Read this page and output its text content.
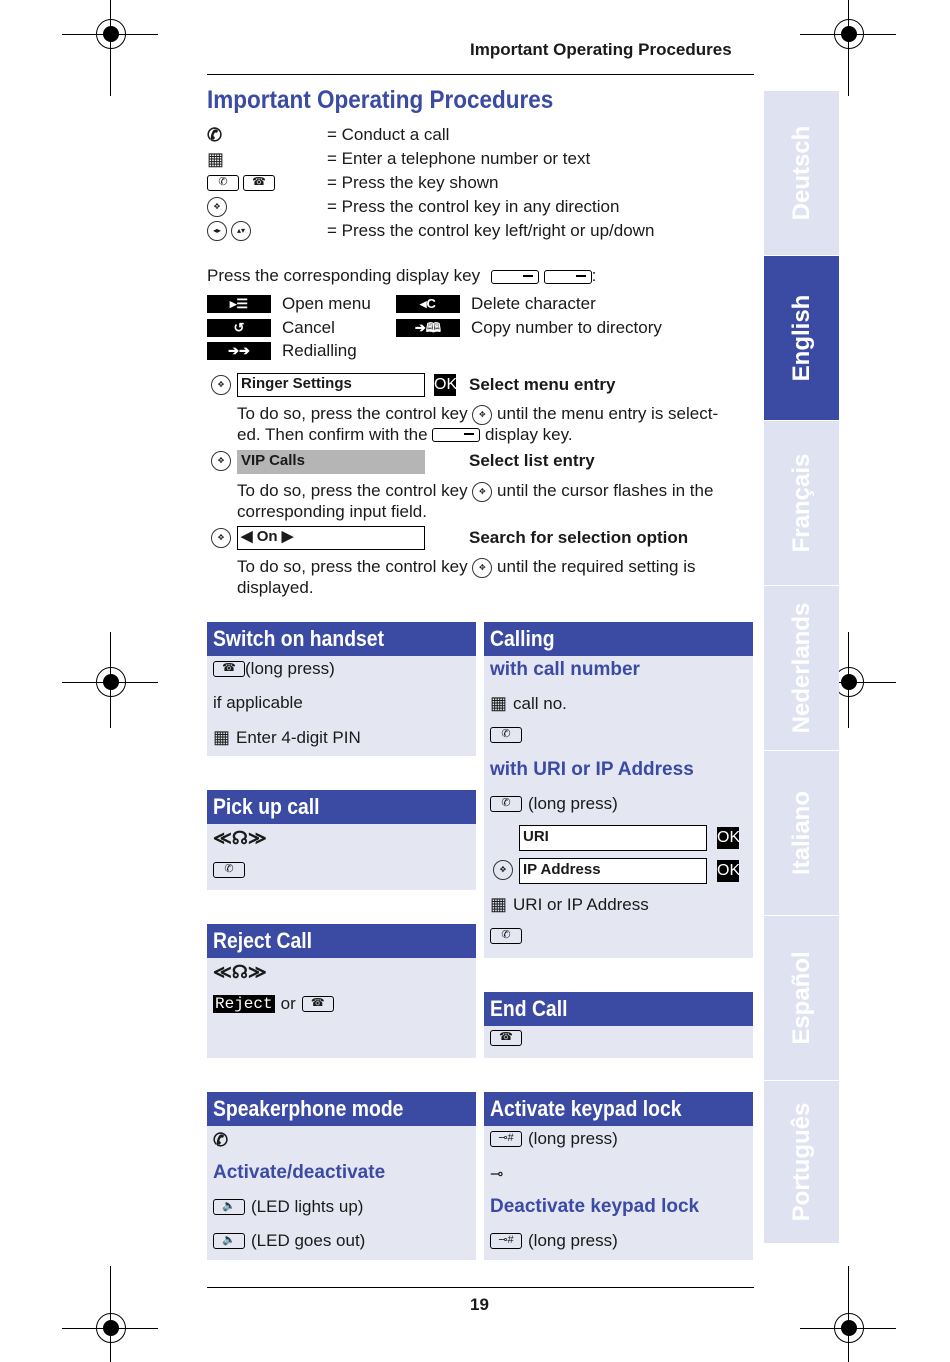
Important Operating Procedures
Important Operating Procedures
✆	= Conduct a call
▦	= Enter a telephone number or text
✆	☎	= Press the key shown
✥	= Press the control key in any direction
◂▸	▴▾	= Press the control key left/right or up/down
Press the corresponding display key	:
▸☰	Open menu	◂C	Delete character
↺	Cancel	➔🕮	Copy number to directory
➔➔	Redialling
✥	Ringer Settings	OK Select menu entry
To do so, press the control key ✥ until the menu entry is select-
ed. Then confirm with the	display key.
✥	VIP Calls	Select list entry
To do so, press the control key ✥ until the cursor flashes in the
corresponding input field.
✥	◀ On ▶	Search for selection option
To do so, press the control key ✥ until the required setting is
displayed.
Switch on handset
☎ (long press)
if applicable
▦ Enter 4-digit PIN
Pick up call
≪☊≫
✆
Reject Call
≪☊≫
Reject or	☎
Speakerphone mode
✆
Activate/deactivate
🔈 (LED lights up)
🔈 (LED goes out)
Calling
with call number
▦ call no.
✆
with URI or IP Address
✆	(long press)
URI	OK
✥	IP Address	OK
▦ URI or IP Address
✆
End Call
☎
Activate keypad lock
⊸# (long press)
⊸
Deactivate keypad lock
⊸# (long press)
Deutsch
English
Français
Nederlands
Italiano
Español
Português
19
